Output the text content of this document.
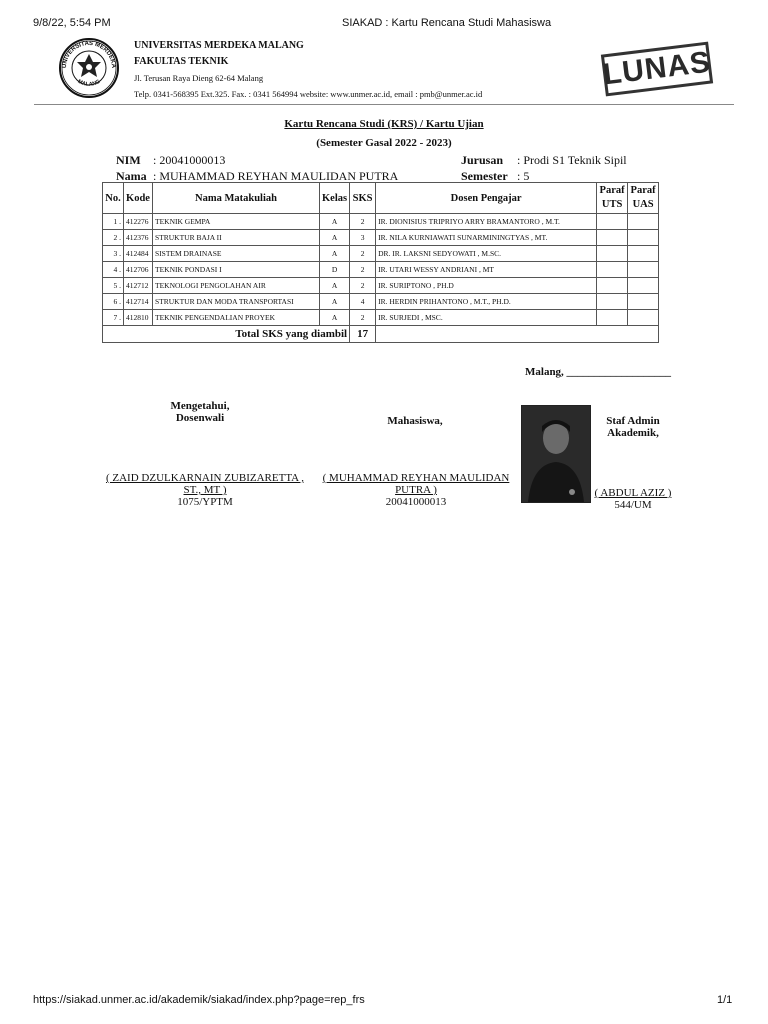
9/8/22, 5:54 PM	SIAKAD : Kartu Rencana Studi Mahasiswa
UNIVERSITAS MERDEKA
MALANG
UNIVERSITAS MERDEKA MALANG
FAKULTAS TEKNIK
Jl. Terusan Raya Dieng 62-64 Malang
Telp. 0341-568395 Ext.325. Fax. : 0341 564994 website: www.unmer.ac.id, email : pmb@unmer.ac.id
LUNAS
Kartu Rencana Studi (KRS) / Kartu Ujian
(Semester Gasal 2022 - 2023)
NIM : 20041000013
Nama : MUHAMMAD REYHAN MAULIDAN PUTRA
Jurusan : Prodi S1 Teknik Sipil
Semester : 5
No.	Kode	Nama Matakuliah	Kelas	SKS	Dosen Pengajar	Paraf UTS	Paraf UAS
1 .	412276	TEKNIK GEMPA	A	2	IR. DIONISIUS TRIPRIYO ARRY BRAMANTORO , M.T.		
2 .	412376	STRUKTUR BAJA II	A	3	IR. NILA KURNIAWATI SUNARMININGTYAS , MT.		
3 .	412484	SISTEM DRAINASE	A	2	DR. IR. LAKSNI SEDYOWATI , M.SC.		
4 .	412706	TEKNIK PONDASI I	D	2	IR. UTARI WESSY ANDRIANI , MT		
5 .	412712	TEKNOLOGI PENGOLAHAN AIR	A	2	IR. SURIPTONO , PH.D		
6 .	412714	STRUKTUR DAN MODA TRANSPORTASI	A	4	IR. HERDIN PRIHANTONO , M.T., PH.D.		
7 .	412810	TEKNIK PENGENDALIAN PROYEK	A	2	IR. SURJEDI , MSC.		
Total SKS yang diambil				17			
Malang, ___________________
Mengetahui,
Dosenwali	Mahasiswa,	Staf Admin
Akademik,
( ZAID DZULKARNAIN ZUBIZARETTA ,
ST., MT )
1075/YPTM
( MUHAMMAD REYHAN MAULIDAN
PUTRA )
20041000013
( ABDUL AZIZ )
544/UM
https://siakad.unmer.ac.id/akademik/siakad/index.php?page=rep_frs	1/1
